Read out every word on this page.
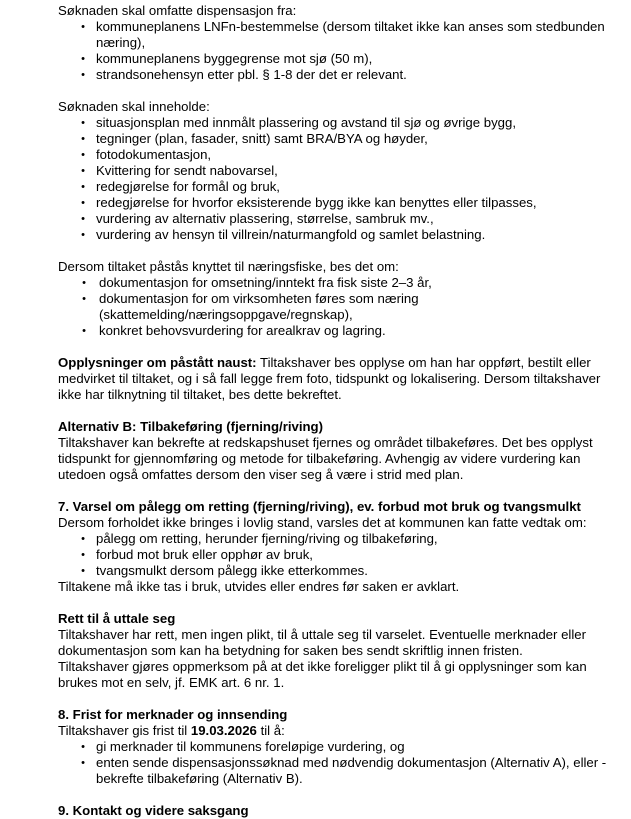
Søknaden skal omfatte dispensasjon fra:

• kommuneplanens LNFn-bestemmelse (dersom tiltaket ikke kan anses som stedbunden næring),
• kommuneplanens byggegrense mot sjø (50 m),
• strandsonehensyn etter pbl. § 1-8 der det er relevant.

Søknaden skal inneholde:

• situasjonsplan med innmålt plassering og avstand til sjø og øvrige bygg,
• tegninger (plan, fasader, snitt) samt BRA/BYA og høyder,
• fotodokumentasjon,
• Kvittering for sendt nabovarsel,
• redegjørelse for formål og bruk,
• redegjørelse for hvorfor eksisterende bygg ikke kan benyttes eller tilpasses,
• vurdering av alternativ plassering, størrelse, sambruk mv.,
• vurdering av hensyn til villrein/naturmangfold og samlet belastning.

Dersom tiltaket påstås knyttet til næringsfiske, bes det om:

• dokumentasjon for omsetning/inntekt fra fisk siste 2–3 år,
• dokumentasjon for om virksomheten føres som næring (skattemelding/næringsoppgave/regnskap),
• konkret behovsvurdering for arealkrav og lagring.

Opplysninger om påstått naust: Tiltakshaver bes opplyse om han har oppført, bestilt eller medvirket til tiltaket, og i så fall legge frem foto, tidspunkt og lokalisering. Dersom tiltakshaver ikke har tilknytning til tiltaket, bes dette bekreftet.

Alternativ B: Tilbakeføring (fjerning/riving)

Tiltakshaver kan bekrefte at redskapshuset fjernes og området tilbakeføres. Det bes opplyst tidspunkt for gjennomføring og metode for tilbakeføring. Avhengig av videre vurdering kan utedoen også omfattes dersom den viser seg å være i strid med plan.

7. Varsel om pålegg om retting (fjerning/riving), ev. forbud mot bruk og tvangsmulkt

Dersom forholdet ikke bringes i lovlig stand, varsles det at kommunen kan fatte vedtak om:

• pålegg om retting, herunder fjerning/riving og tilbakeføring,
• forbud mot bruk eller opphør av bruk,
• tvangsmulkt dersom pålegg ikke etterkommes.

Tiltakene må ikke tas i bruk, utvides eller endres før saken er avklart.

Rett til å uttale seg

Tiltakshaver har rett, men ingen plikt, til å uttale seg til varselet. Eventuelle merknader eller dokumentasjon som kan ha betydning for saken bes sendt skriftlig innen fristen.

Tiltakshaver gjøres oppmerksom på at det ikke foreligger plikt til å gi opplysninger som kan brukes mot en selv, jf. EMK art. 6 nr. 1.

8. Frist for merknader og innsending

Tiltakshaver gis frist til 19.03.2026 til å:

• gi merknader til kommunens foreløpige vurdering, og
• enten sende dispensasjonssøknad med nødvendig dokumentasjon (Alternativ A), eller - bekrefte tilbakeføring (Alternativ B).

9. Kontakt og videre saksgang
